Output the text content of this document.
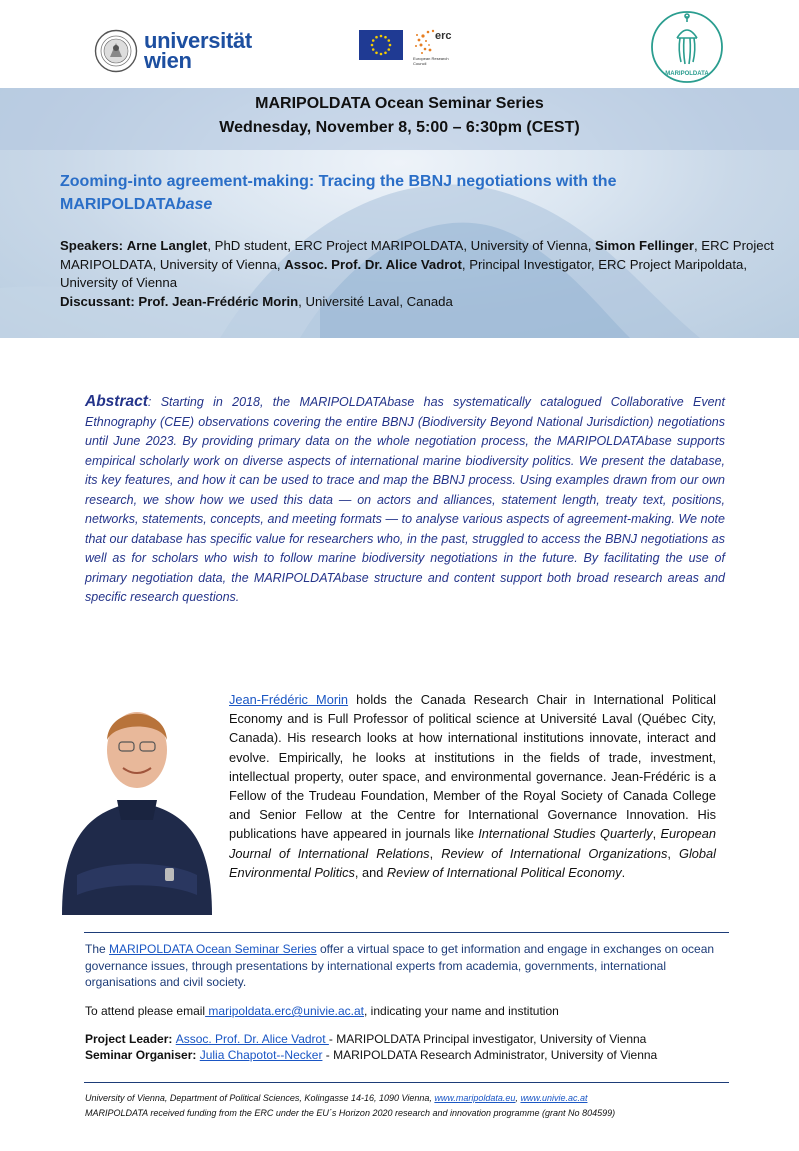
universität
wien
erc
European Research Council
MARIPOLDATA
MARIPOLDATA Ocean Seminar Series
Wednesday, November 8, 5:00 – 6:30pm (CEST)
Zooming-into agreement-making: Tracing the BBNJ negotiations with the MARIPOLDATAbase
Speakers: Arne Langlet, PhD student, ERC Project MARIPOLDATA, University of Vienna, Simon Fellinger, ERC Project MARIPOLDATA, University of Vienna, Assoc. Prof. Dr. Alice Vadrot, Principal Investigator, ERC Project Maripoldata, University of Vienna
Discussant: Prof. Jean-Frédéric Morin, Université Laval, Canada
Abstract: Starting in 2018, the MARIPOLDATAbase has systematically catalogued Collaborative Event Ethnography (CEE) observations covering the entire BBNJ (Biodiversity Beyond National Jurisdiction) negotiations until June 2023. By providing primary data on the whole negotiation process, the MARIPOLDATAbase supports empirical scholarly work on diverse aspects of international marine biodiversity politics. We present the database, its key features, and how it can be used to trace and map the BBNJ process. Using examples drawn from our own research, we show how we used this data — on actors and alliances, statement length, treaty text, positions, networks, statements, concepts, and meeting formats — to analyse various aspects of agreement-making. We note that our database has specific value for researchers who, in the past, struggled to access the BBNJ negotiations as well as for scholars who wish to follow marine biodiversity negotiations in the future. By facilitating the use of primary negotiation data, the MARIPOLDATAbase structure and content support both broad research areas and specific research questions.
Jean-Frédéric Morin holds the Canada Research Chair in International Political Economy and is Full Professor of political science at Université Laval (Québec City, Canada). His research looks at how international institutions innovate, interact and evolve. Empirically, he looks at institutions in the fields of trade, investment, intellectual property, outer space, and environmental governance. Jean-Frédéric is a Fellow of the Trudeau Foundation, Member of the Royal Society of Canada College and Senior Fellow at the Centre for International Governance Innovation. His publications have appeared in journals like International Studies Quarterly, European Journal of International Relations, Review of International Organizations, Global Environmental Politics, and Review of International Political Economy.
The MARIPOLDATA Ocean Seminar Series offer a virtual space to get information and engage in exchanges on ocean governance issues, through presentations by international experts from academia, governments, international organisations and civil society.
To attend please email maripoldata.erc@univie.ac.at, indicating your name and institution
Project Leader: Assoc. Prof. Dr. Alice Vadrot - MARIPOLDATA Principal investigator, University of Vienna
Seminar Organiser: Julia Chapotot--Necker - MARIPOLDATA Research Administrator, University of Vienna
University of Vienna, Department of Political Sciences, Kolingasse 14-16, 1090 Vienna, www.maripoldata.eu, www.univie.ac.at
MARIPOLDATA received funding from the ERC under the EU´s Horizon 2020 research and innovation programme (grant No 804599)
